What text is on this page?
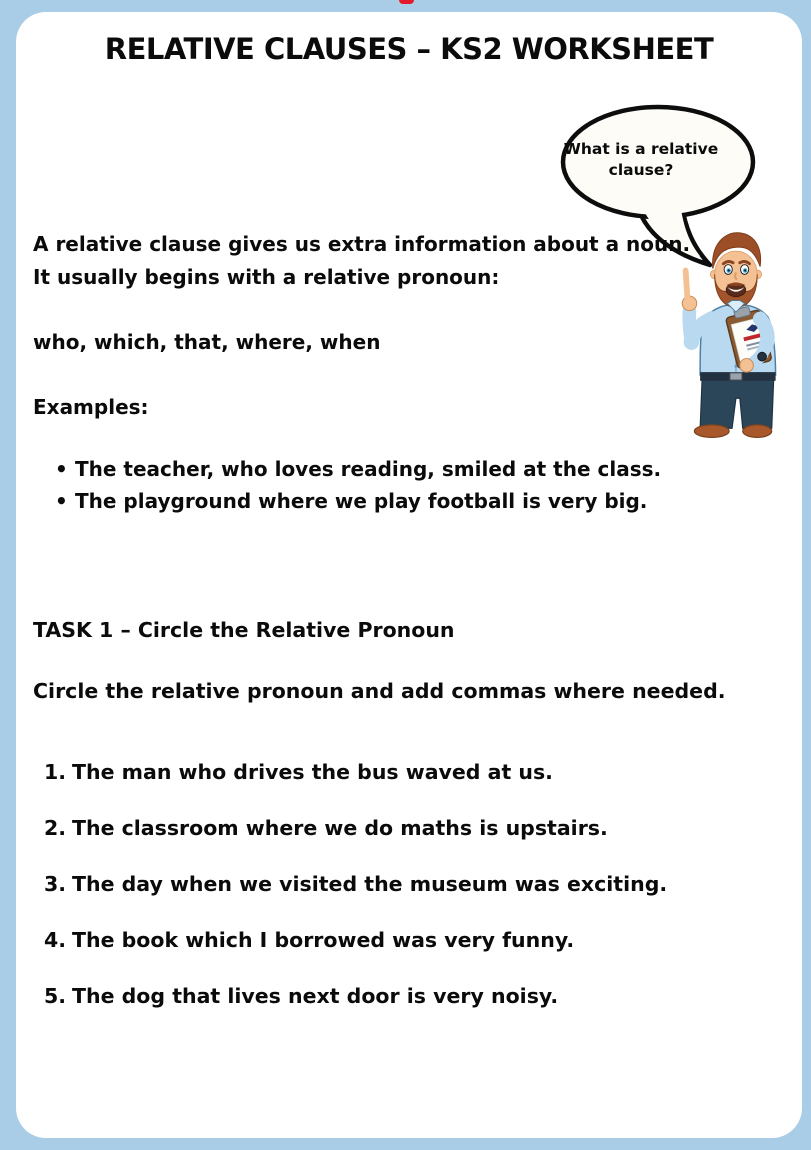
RELATIVE CLAUSES – KS2 WORKSHEET
What is a relative clause?

A relative clause gives us extra information about a noun. It usually begins with a relative pronoun:

who, which, that, where, when

Examples:

• The teacher, who loves reading, smiled at the class.
• The playground where we play football is very big.
TASK 1 – Circle the Relative Pronoun

Circle the relative pronoun and add commas where needed.

1. The man who drives the bus waved at us.
2. The classroom where we do maths is upstairs.
3. The day when we visited the museum was exciting.
4. The book which I borrowed was very funny.
5. The dog that lives next door is very noisy.
